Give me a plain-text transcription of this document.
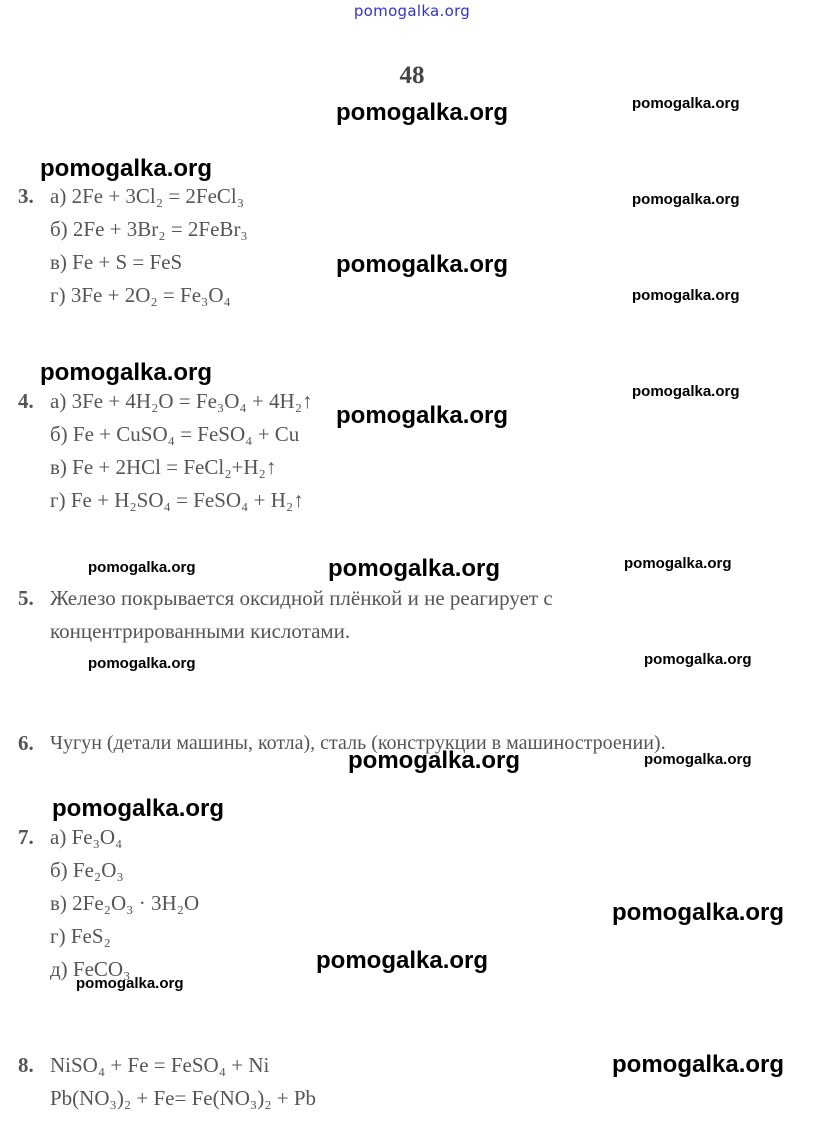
pomogalka.org
48
3. а) 2Fe + 3Cl₂ = 2FeCl₃
б) 2Fe + 3Br₂ = 2FeBr₃
в) Fe + S = FeS
г) 3Fe + 2O₂ = Fe₃O₄
4. а) 3Fe + 4H₂O = Fe₃O₄ + 4H₂↑
б) Fe + CuSO₄ = FeSO₄ + Cu
в) Fe + 2HCl = FeCl₂+H₂↑
г) Fe + H₂SO₄ = FeSO₄ + H₂↑
5. Железо покрывается оксидной плёнкой и не реагирует с
концентрированными кислотами.
6. Чугун (детали машины, котла), сталь (конструкции в машиностроении).
7. а) Fe₃O₄
б) Fe₂O₃
в) 2Fe₂O₃ · 3H₂O
г) FeS₂
д) FeCO₃
8. NiSO₄ + Fe = FeSO₄ + Ni
Pb(NO₃)₂ + Fe= Fe(NO₃)₂ + Pb
pomogalka.org
pomogalka.org
pomogalka.org
pomogalka.org
pomogalka.org
pomogalka.org
pomogalka.org
pomogalka.org
pomogalka.org
pomogalka.org
pomogalka.org
pomogalka.org
pomogalka.org
pomogalka.org
pomogalka.org
pomogalka.org	pomogalka.org
pomogalka.org	pomogalka.org
pomogalka.org
pomogalka.org
